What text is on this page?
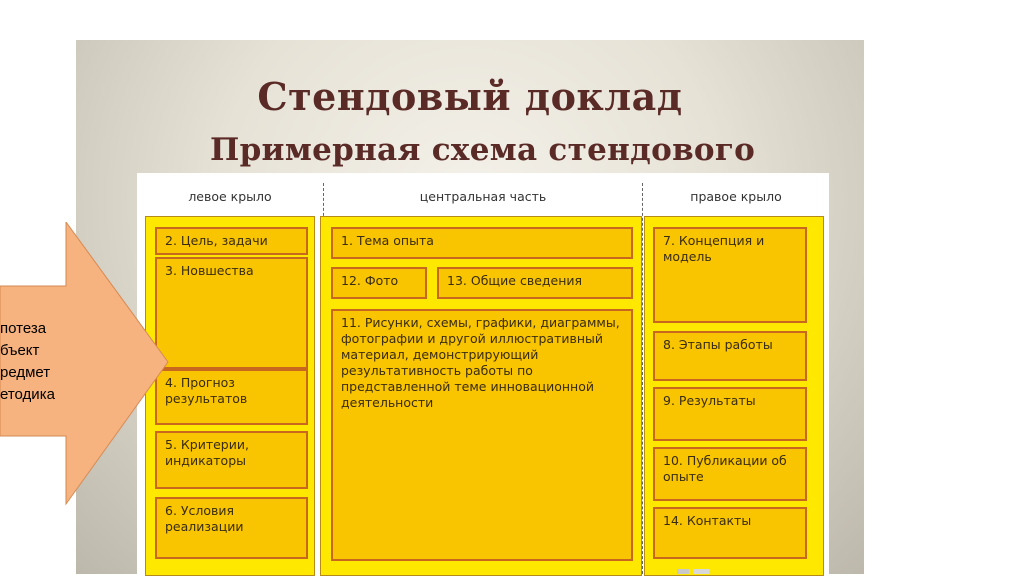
Стендовый доклад
Примерная схема стендового
левое крыло	центральная часть	правое крыло
2. Цель, задачи
3. Новшества
4. Прогноз результатов
5. Критерии, индикаторы
6. Условия реализации
1. Тема опыта
12. Фото	13. Общие сведения
11. Рисунки, схемы, графики, диаграммы, фотографии и другой иллюстративный материал, демонстрирующий результативность работы по представленной теме инновационной деятельности
7. Концепция и модель
8. Этапы работы
9. Результаты
10. Публикации об опыте
14. Контакты
потеза
бъект
редмет
етодика
